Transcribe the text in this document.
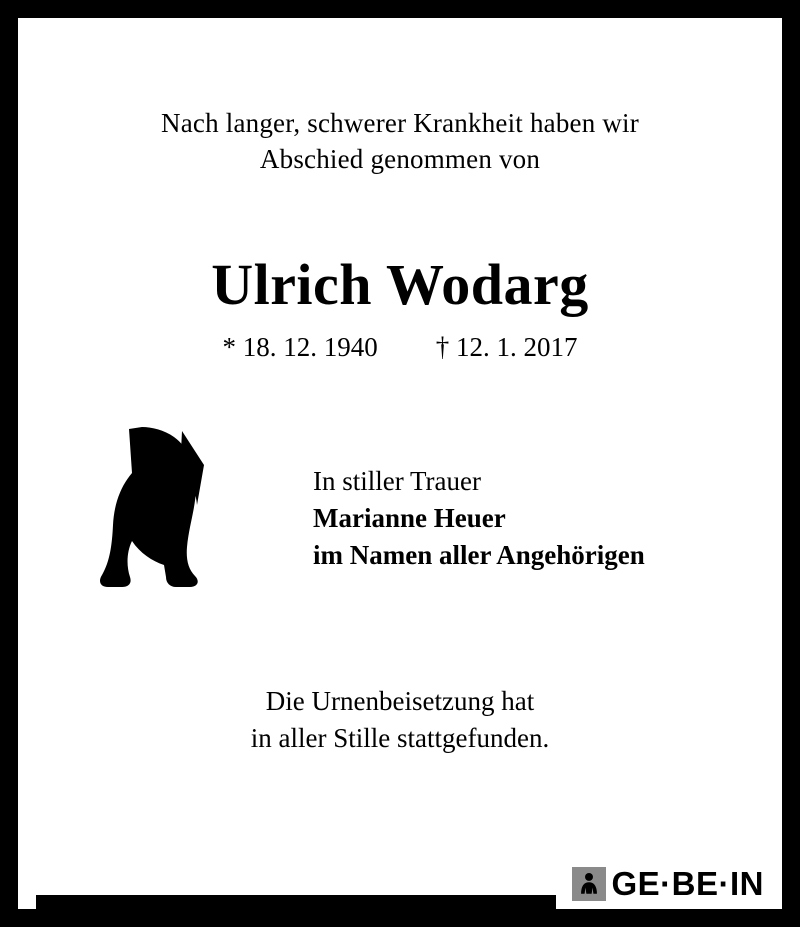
Nach langer, schwerer Krankheit haben wir
Abschied genommen von
Ulrich Wodarg
* 18. 12. 1940 † 12. 1. 2017
In stiller Trauer
Marianne Heuer
im Namen aller Angehörigen
Die Urnenbeisetzung hat
in aller Stille stattgefunden.
GE·BE·IN
